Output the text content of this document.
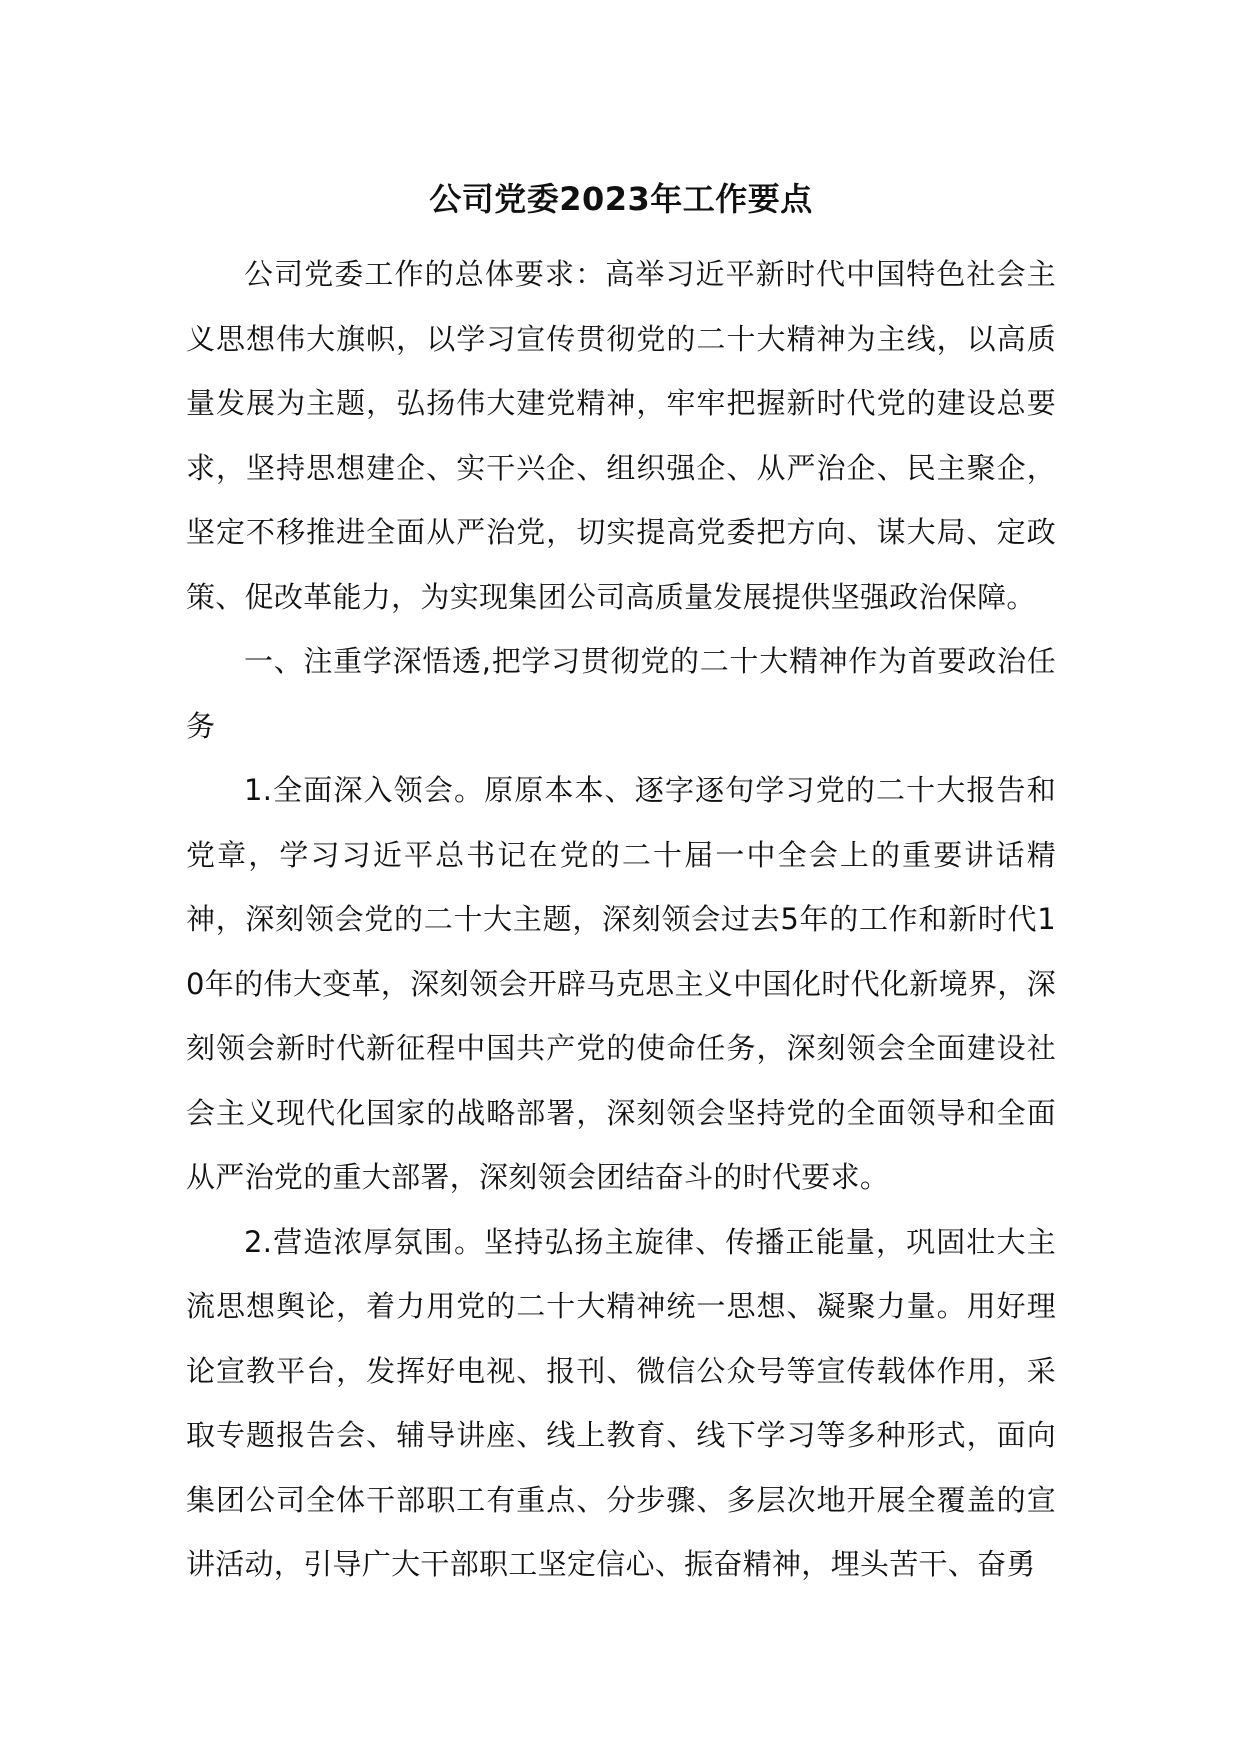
公司党委2023年工作要点

公司党委工作的总体要求：高举习近平新时代中国特色社会主义思想伟大旗帜，以学习宣传贯彻党的二十大精神为主线，以高质量发展为主题，弘扬伟大建党精神，牢牢把握新时代党的建设总要求，坚持思想建企、实干兴企、组织强企、从严治企、民主聚企，坚定不移推进全面从严治党，切实提高党委把方向、谋大局、定政策、促改革能力，为实现集团公司高质量发展提供坚强政治保障。

一、注重学深悟透,把学习贯彻党的二十大精神作为首要政治任务

1.全面深入领会。原原本本、逐字逐句学习党的二十大报告和党章，学习习近平总书记在党的二十届一中全会上的重要讲话精神，深刻领会党的二十大主题，深刻领会过去5年的工作和新时代10年的伟大变革，深刻领会开辟马克思主义中国化时代化新境界，深刻领会新时代新征程中国共产党的使命任务，深刻领会全面建设社会主义现代化国家的战略部署，深刻领会坚持党的全面领导和全面从严治党的重大部署，深刻领会团结奋斗的时代要求。

2.营造浓厚氛围。坚持弘扬主旋律、传播正能量，巩固壮大主流思想舆论，着力用党的二十大精神统一思想、凝聚力量。用好理论宣教平台，发挥好电视、报刊、微信公众号等宣传载体作用，采取专题报告会、辅导讲座、线上教育、线下学习等多种形式，面向集团公司全体干部职工有重点、分步骤、多层次地开展全覆盖的宣讲活动，引导广大干部职工坚定信心、振奋精神，埋头苦干、奋勇
